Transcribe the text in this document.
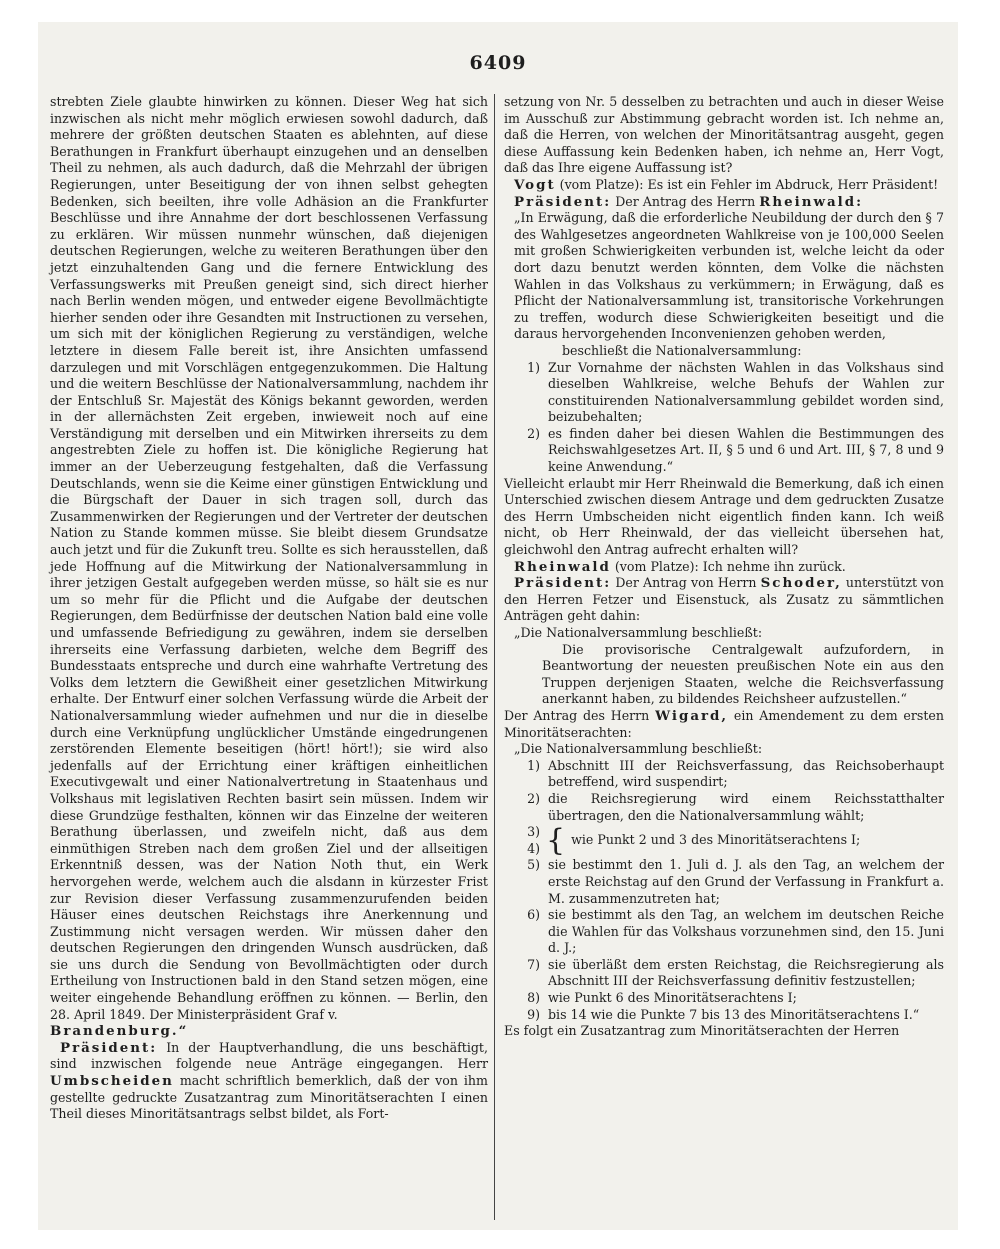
6409

strebten Ziele glaubte hinwirken zu können. Dieser Weg hat sich inzwischen als nicht mehr möglich erwiesen sowohl dadurch, daß mehrere der größten deutschen Staaten es ablehnten, auf diese Berathungen in Frankfurt überhaupt einzugehen und an denselben Theil zu nehmen, als auch dadurch, daß die Mehrzahl der übrigen Regierungen, unter Beseitigung der von ihnen selbst gehegten Bedenken, sich beeilten, ihre volle Adhäsion an die Frankfurter Beschlüsse und ihre Annahme der dort beschlossenen Verfassung zu erklären. Wir müssen nunmehr wünschen, daß diejenigen deutschen Regierungen, welche zu weiteren Berathungen über den jetzt einzuhaltenden Gang und die fernere Entwicklung des Verfassungswerks mit Preußen geneigt sind, sich direct hierher nach Berlin wenden mögen, und entweder eigene Bevollmächtigte hierher senden oder ihre Gesandten mit Instructionen zu versehen, um sich mit der königlichen Regierung zu verständigen, welche letztere in diesem Falle bereit ist, ihre Ansichten umfassend darzulegen und mit Vorschlägen entgegenzukommen. Die Haltung und die weitern Beschlüsse der Nationalversammlung, nachdem ihr der Entschluß Sr. Majestät des Königs bekannt geworden, werden in der allernächsten Zeit ergeben, inwieweit noch auf eine Verständigung mit derselben und ein Mitwirken ihrerseits zu dem angestrebten Ziele zu hoffen ist. Die königliche Regierung hat immer an der Ueberzeugung festgehalten, daß die Verfassung Deutschlands, wenn sie die Keime einer günstigen Entwicklung und die Bürgschaft der Dauer in sich tragen soll, durch das Zusammenwirken der Regierungen und der Vertreter der deutschen Nation zu Stande kommen müsse. Sie bleibt diesem Grundsatze auch jetzt und für die Zukunft treu. Sollte es sich herausstellen, daß jede Hoffnung auf die Mitwirkung der Nationalversammlung in ihrer jetzigen Gestalt aufgegeben werden müsse, so hält sie es nur um so mehr für die Pflicht und die Aufgabe der deutschen Regierungen, dem Bedürfnisse der deutschen Nation bald eine volle und umfassende Befriedigung zu gewähren, indem sie derselben ihrerseits eine Verfassung darbieten, welche dem Begriff des Bundesstaats entspreche und durch eine wahrhafte Vertretung des Volks dem letztern die Gewißheit einer gesetzlichen Mitwirkung erhalte. Der Entwurf einer solchen Verfassung würde die Arbeit der Nationalversammlung wieder aufnehmen und nur die in dieselbe durch eine Verknüpfung unglücklicher Umstände eingedrungenen zerstörenden Elemente beseitigen (hört! hört!); sie wird also jedenfalls auf der Errichtung einer kräftigen einheitlichen Executivgewalt und einer Nationalvertretung in Staatenhaus und Volkshaus mit legislativen Rechten basirt sein müssen. Indem wir diese Grundzüge festhalten, können wir das Einzelne der weiteren Berathung überlassen, und zweifeln nicht, daß aus dem einmüthigen Streben nach dem großen Ziel und der allseitigen Erkenntniß dessen, was der Nation Noth thut, ein Werk hervorgehen werde, welchem auch die alsdann in kürzester Frist zur Revision dieser Verfassung zusammenzurufenden beiden Häuser eines deutschen Reichstags ihre Anerkennung und Zustimmung nicht versagen werden. Wir müssen daher den deutschen Regierungen den dringenden Wunsch ausdrücken, daß sie uns durch die Sendung von Bevollmächtigten oder durch Ertheilung von Instructionen bald in den Stand setzen mögen, eine weiter eingehende Behandlung eröffnen zu können. — Berlin, den 28. April 1849. Der Ministerpräsident Graf v.

Brandenburg.“

Präsident: In der Hauptverhandlung, die uns beschäftigt, sind inzwischen folgende neue Anträge eingegangen. Herr Umbscheiden macht schriftlich bemerklich, daß der von ihm gestellte gedruckte Zusatzantrag zum Minoritätserachten I einen Theil dieses Minoritätsantrags selbst bildet, als Fort-

setzung von Nr. 5 desselben zu betrachten und auch in dieser Weise im Ausschuß zur Abstimmung gebracht worden ist. Ich nehme an, daß die Herren, von welchen der Minoritätsantrag ausgeht, gegen diese Auffassung kein Bedenken haben, ich nehme an, Herr Vogt, daß das Ihre eigene Auffassung ist?

Vogt (vom Platze): Es ist ein Fehler im Abdruck, Herr Präsident!

Präsident: Der Antrag des Herrn Rheinwald:

„In Erwägung, daß die erforderliche Neubildung der durch den § 7 des Wahlgesetzes angeordneten Wahlkreise von je 100,000 Seelen mit großen Schwierigkeiten verbunden ist, welche leicht da oder dort dazu benutzt werden könnten, dem Volke die nächsten Wahlen in das Volkshaus zu verkümmern; in Erwägung, daß es Pflicht der Nationalversammlung ist, transitorische Vorkehrungen zu treffen, wodurch diese Schwierigkeiten beseitigt und die daraus hervorgehenden Inconvenienzen gehoben werden,

beschließt die Nationalversammlung:

1) Zur Vornahme der nächsten Wahlen in das Volkshaus sind dieselben Wahlkreise, welche Behufs der Wahlen zur constituirenden Nationalversammlung gebildet worden sind, beizubehalten;
2) es finden daher bei diesen Wahlen die Bestimmungen des Reichswahlgesetzes Art. II, § 5 und 6 und Art. III, § 7, 8 und 9 keine Anwendung.“

Vielleicht erlaubt mir Herr Rheinwald die Bemerkung, daß ich einen Unterschied zwischen diesem Antrage und dem gedruckten Zusatze des Herrn Umbscheiden nicht eigentlich finden kann. Ich weiß nicht, ob Herr Rheinwald, der das vielleicht übersehen hat, gleichwohl den Antrag aufrecht erhalten will?

Rheinwald (vom Platze): Ich nehme ihn zurück.

Präsident: Der Antrag von Herrn Schoder, unterstützt von den Herren Fetzer und Eisenstuck, als Zusatz zu sämmtlichen Anträgen geht dahin:

„Die Nationalversammlung beschließt:

Die provisorische Centralgewalt aufzufordern, in Beantwortung der neuesten preußischen Note ein aus den Truppen derjenigen Staaten, welche die Reichsverfassung anerkannt haben, zu bildendes Reichsheer aufzustellen.“

Der Antrag des Herrn Wigard, ein Amendement zu dem ersten Minoritätserachten:

„Die Nationalversammlung beschließt:

1) Abschnitt III der Reichsverfassung, das Reichsoberhaupt betreffend, wird suspendirt;
2) die Reichsregierung wird einem Reichsstatthalter übertragen, den die Nationalversammlung wählt;
3)
4) { wie Punkt 2 und 3 des Minoritätserachtens I;
5) sie bestimmt den 1. Juli d. J. als den Tag, an welchem der erste Reichstag auf den Grund der Verfassung in Frankfurt a. M. zusammenzutreten hat;
6) sie bestimmt als den Tag, an welchem im deutschen Reiche die Wahlen für das Volkshaus vorzunehmen sind, den 15. Juni d. J.;
7) sie überläßt dem ersten Reichstag, die Reichsregierung als Abschnitt III der Reichsverfassung definitiv festzustellen;
8) wie Punkt 6 des Minoritätserachtens I;
9) bis 14 wie die Punkte 7 bis 13 des Minoritätserachtens I.“

Es folgt ein Zusatzantrag zum Minoritätserachten der Herren
